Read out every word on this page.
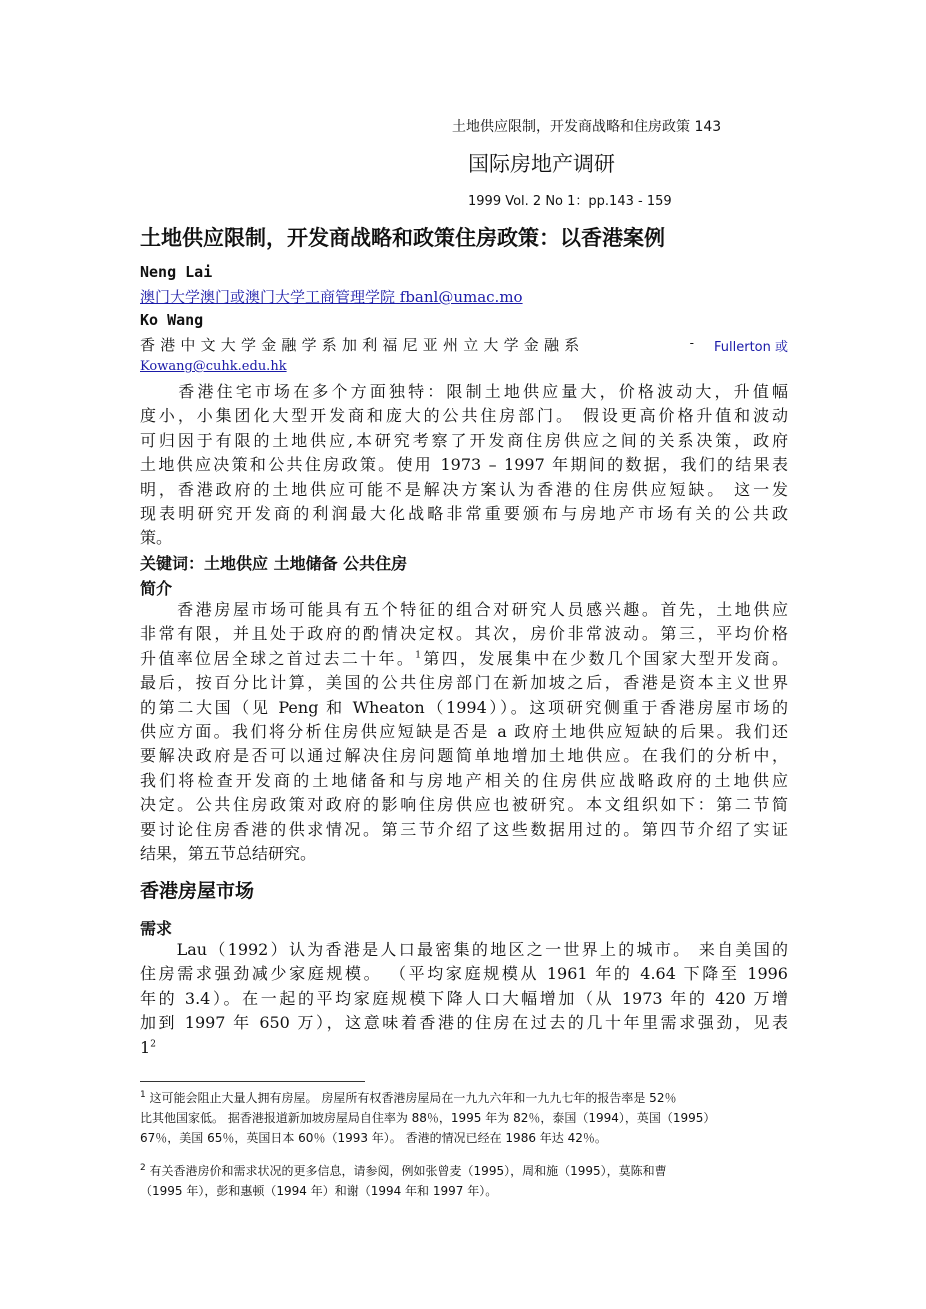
土地供应限制，开发商战略和住房政策 143
国际房地产调研
1999 Vol. 2 No 1：pp.143 - 159
土地供应限制，开发商战略和政策住房政策：以香港案例
Neng Lai
澳门大学澳门或澳门大学工商管理学院 fbanl@umac.mo
Ko Wang
香港中文大学金融学系加利福尼亚州立大学金融系	- Fullerton 或
Kowang@cuhk.edu.hk
　　香港住宅市场在多个方面独特：限制土地供应量大，价格波动大，升值幅
度小，小集团化大型开发商和庞大的公共住房部门。 假设更高价格升值和波动
可归因于有限的土地供应,本研究考察了开发商住房供应之间的关系决策，政府
土地供应决策和公共住房政策。使用 1973 – 1997 年期间的数据，我们的结果表
明，香港政府的土地供应可能不是解决方案认为香港的住房供应短缺。 这一发
现表明研究开发商的利润最大化战略非常重要颁布与房地产市场有关的公共政
策。
关键词：土地供应 土地储备 公共住房
简介
　　香港房屋市场可能具有五个特征的组合对研究人员感兴趣。首先，土地供应
非常有限，并且处于政府的酌情决定权。其次，房价非常波动。第三，平均价格
升值率位居全球之首过去二十年。$^1$第四，发展集中在少数几个国家大型开发商。
最后，按百分比计算，美国的公共住房部门在新加坡之后，香港是资本主义世界
的第二大国（见 Peng 和 Wheaton（1994））。这项研究侧重于香港房屋市场的
供应方面。我们将分析住房供应短缺是否是 a 政府土地供应短缺的后果。我们还
要解决政府是否可以通过解决住房问题简单地增加土地供应。在我们的分析中，
我们将检查开发商的土地储备和与房地产相关的住房供应战略政府的土地供应
决定。公共住房政策对政府的影响住房供应也被研究。本文组织如下：第二节简
要讨论住房香港的供求情况。第三节介绍了这些数据用过的。第四节介绍了实证
结果，第五节总结研究。
香港房屋市场
需求
　　Lau（1992）认为香港是人口最密集的地区之一世界上的城市。 来自美国的
住房需求强劲减少家庭规模。 （平均家庭规模从 1961 年的 4.64 下降至 1996
年的 3.4）。在一起的平均家庭规模下降人口大幅增加（从 1973 年的 420 万增
加到 1997 年 650 万），这意味着香港的住房在过去的几十年里需求强劲，见表
$1^2$
$^1$ 这可能会阻止大量人拥有房屋。 房屋所有权香港房屋局在一九九六年和一九九七年的报告率是 52％
比其他国家低。 据香港报道新加坡房屋局自住率为 88％，1995 年为 82％，泰国（1994），英国（1995）
67％，美国 65％，英国日本 60％（1993 年）。 香港的情况已经在 1986 年达 42％。
$^2$ 有关香港房价和需求状况的更多信息，请参阅，例如张曾麦（1995），周和施（1995），莫陈和曹
（1995 年），彭和惠顿（1994 年）和谢（1994 年和 1997 年）。
